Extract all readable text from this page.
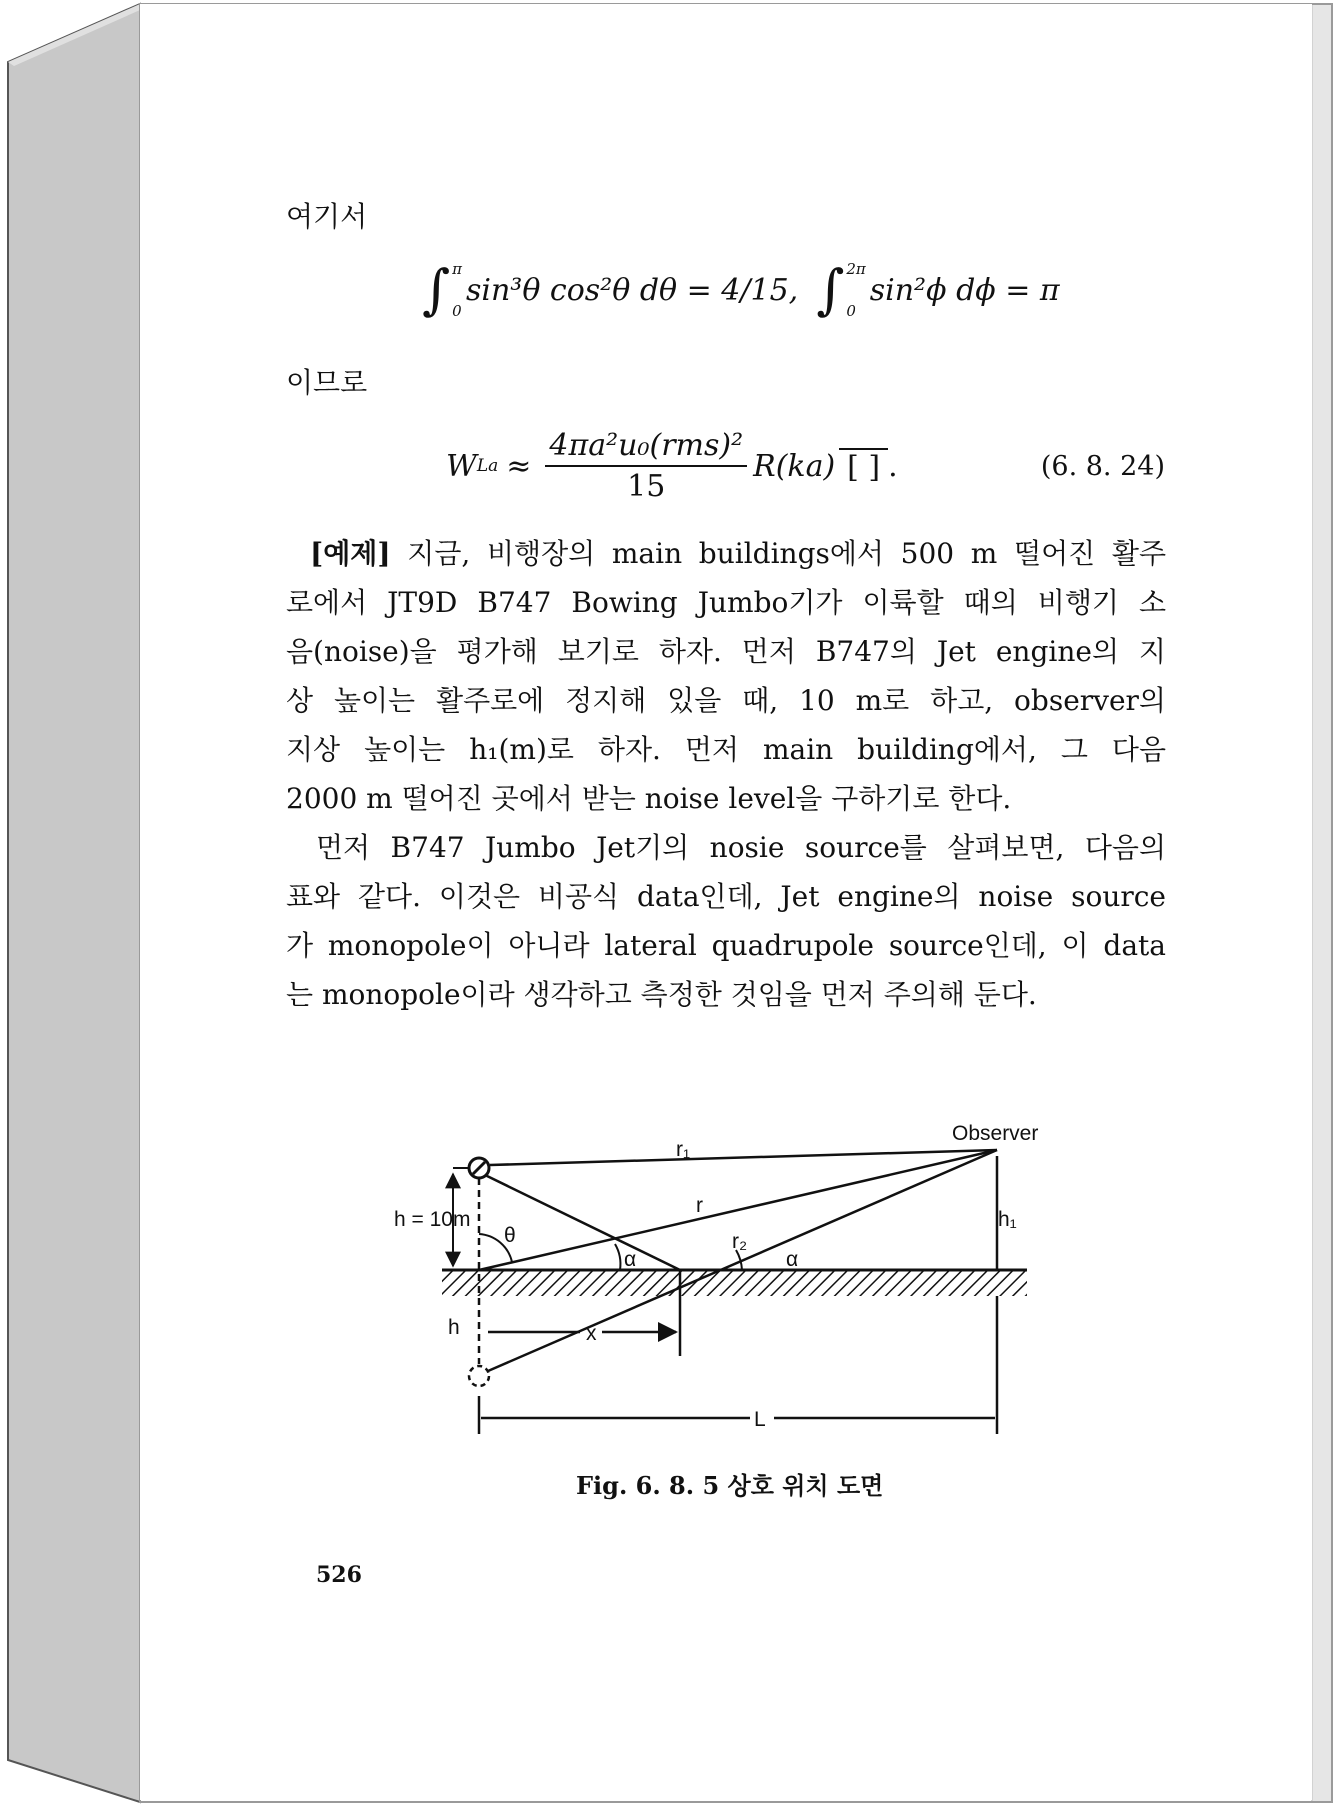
여기서

∫ π
0
sin³θ cos²θ dθ = 4/15, ∫ 2π
0
sin²ϕ dϕ = π

이므로

W $La \approx \frac{\text{4πa²u₀(rms)²}}{15} R(ka)$ [ ] .	(6. 8. 24)

[예제] 지금, 비행장의 main buildings에서 500 m 떨어진 활주
로에서 JT9D B747 Bowing Jumbo기가 이륙할 때의 비행기 소
음(noise)을 평가해 보기로 하자. 먼저 B747의 Jet engine의 지
상 높이는 활주로에 정지해 있을 때, 10 m로 하고, observer의
지상 높이는 h₁(m)로 하자. 먼저 main building에서, 그 다음
2000 m 떨어진 곳에서 받는 noise level을 구하기로 한다.
먼저 B747 Jumbo Jet기의 nosie source를 살펴보면, 다음의
표와 같다. 이것은 비공식 data인데, Jet engine의 noise source
가 monopole이 아니라 lateral quadrupole source인데, 이 data
는 monopole이라 생각하고 측정한 것임을 먼저 주의해 둔다.
Observer
r₁
r
r₂
h = 10m
θ
α	α
h₁
h	x
L
Fig. 6. 8. 5 상호 위치 도면
526
